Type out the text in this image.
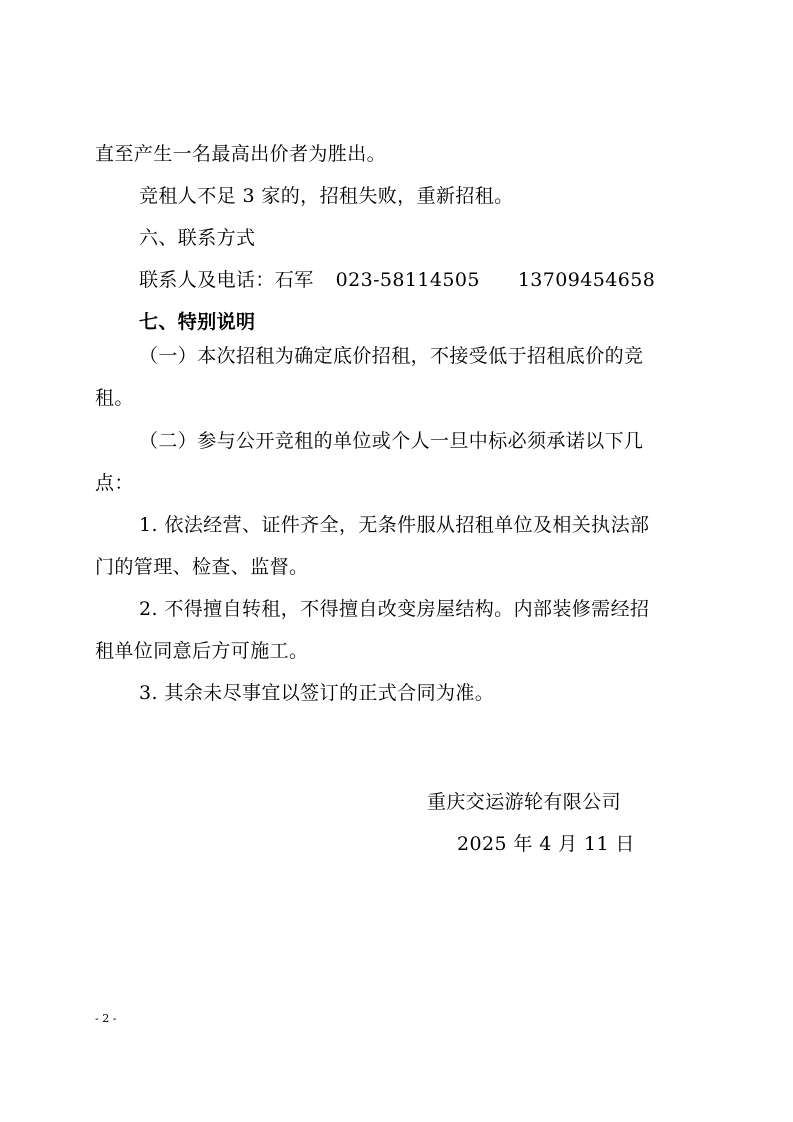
直至产生一名最高出价者为胜出。
竞租人不足 3 家的，招租失败，重新招租。
六、联系方式
联系人及电话：石军 023-58114505 13709454658
七、特别说明
（一）本次招租为确定底价招租，不接受低于招租底价的竞
租。
（二）参与公开竞租的单位或个人一旦中标必须承诺以下几
点：
1. 依法经营、证件齐全，无条件服从招租单位及相关执法部
门的管理、检查、监督。
2. 不得擅自转租，不得擅自改变房屋结构。内部装修需经招
租单位同意后方可施工。
3. 其余未尽事宜以签订的正式合同为准。
重庆交运游轮有限公司
2025 年 4 月 11 日
- 2 -
